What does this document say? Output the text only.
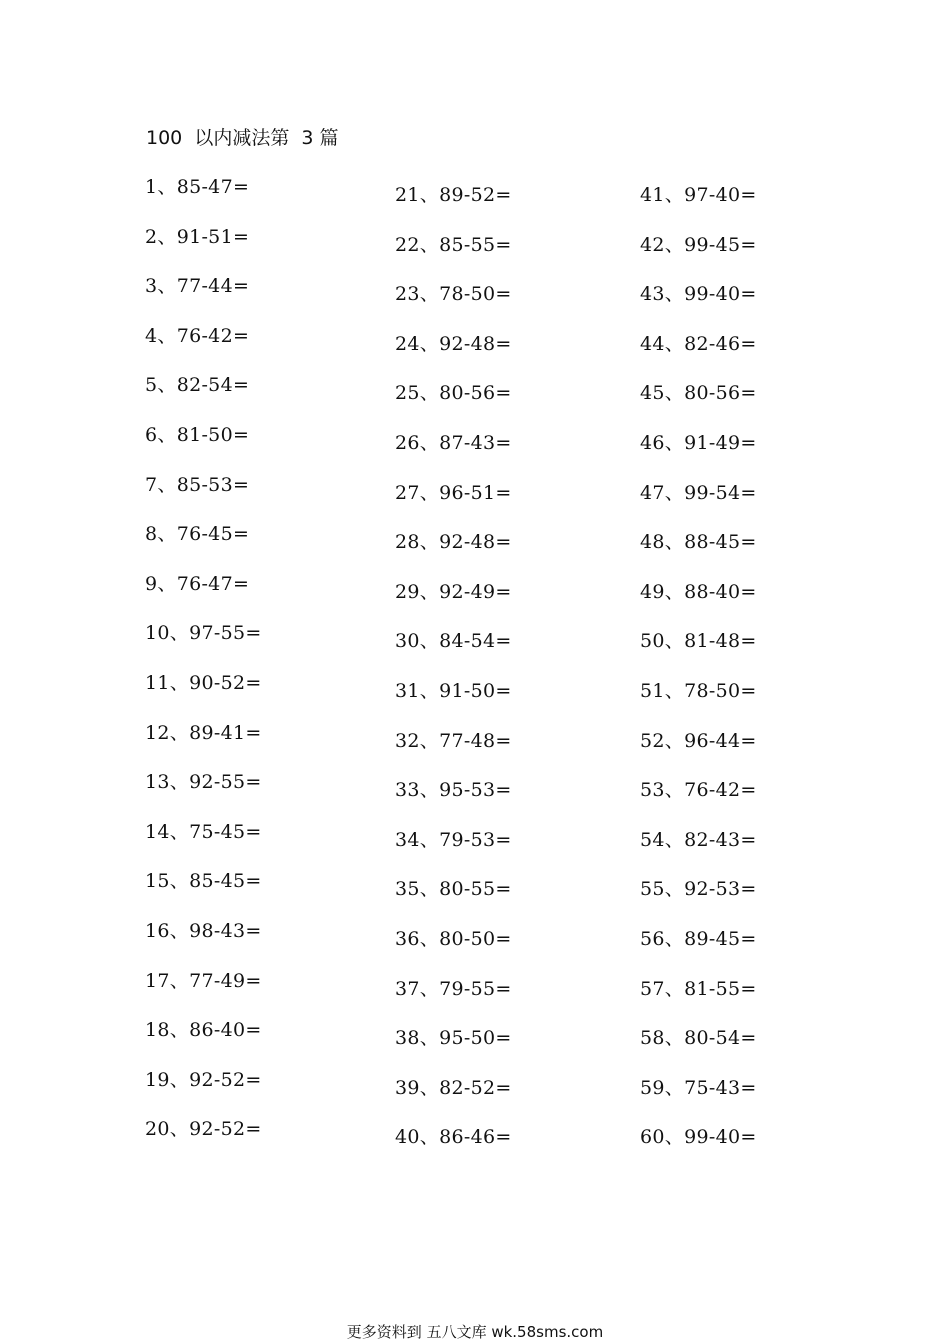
100  以内减法第  3 篇
1、85-47=
2、91-51=
3、77-44=
4、76-42=
5、82-54=
6、81-50=
7、85-53=
8、76-45=
9、76-47=
10、97-55=
11、90-52=
12、89-41=
13、92-55=
14、75-45=
15、85-45=
16、98-43=
17、77-49=
18、86-40=
19、92-52=
20、92-52=
21、89-52=
22、85-55=
23、78-50=
24、92-48=
25、80-56=
26、87-43=
27、96-51=
28、92-48=
29、92-49=
30、84-54=
31、91-50=
32、77-48=
33、95-53=
34、79-53=
35、80-55=
36、80-50=
37、79-55=
38、95-50=
39、82-52=
40、86-46=
41、97-40=
42、99-45=
43、99-40=
44、82-46=
45、80-56=
46、91-49=
47、99-54=
48、88-45=
49、88-40=
50、81-48=
51、78-50=
52、96-44=
53、76-42=
54、82-43=
55、92-53=
56、89-45=
57、81-55=
58、80-54=
59、75-43=
60、99-40=
更多资料到 五八文库 wk.58sms.com
